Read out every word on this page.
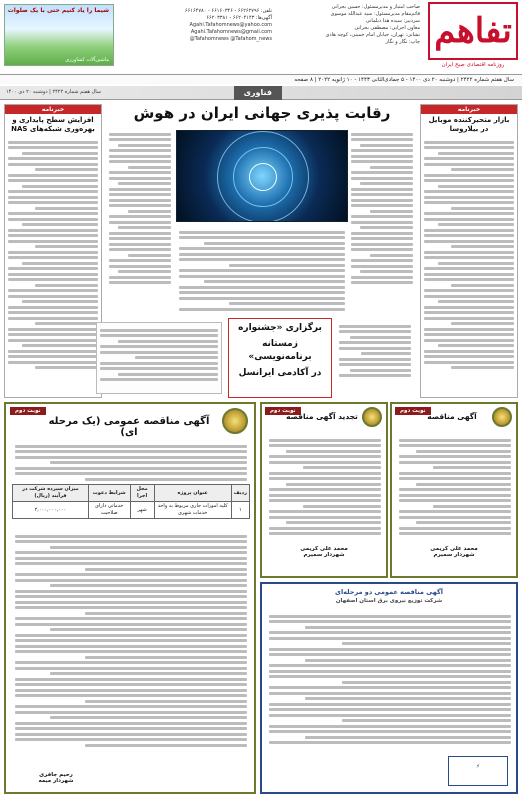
تفاهم
روزنامه اقتصادی صبح ایران
صاحب امتیاز و مدیرمسئول: حسین بحرانی
قائم‌مقام مدیرمسئول: سید عبدالله موسوی
سردبیر: سیده هدا دیلمانی
معاون اجرایی: مصطفی بحرانی
نشانی: تهران، خیابان امام خمینی، کوچه هادی
چاپ: نگار و نگار
تلفن: ۶۶۲۶۲۷۹۶ - ۶۶۱۶۰۳۴۶ - ۶۶۱۶۴۷۸۰
آگهی‌ها: ۶۶۲۰۴۱۴۳ - ۶۶۲۰۳۳۸۱
Agahi.Tafahomnews@yahoo.com
Agahi.Tafahomnews@gmail.com
@Tafahomnews @Tafahom_news
شیما را یاد کنیم حتی با یک صلوات
ماشین‌آلات کشاورزی
سال هفتم شماره ۲۴۲۲ | دوشنبه ۲۰ دی ۱۴۰۰ - ۵ جمادی‌الثانی ۱۴۴۳ - ۱۰ ژانویه ۲۰۲۲ | ۸ صفحه
فناوری
رقابت پذیری جهانی ایران در هوش
سال هفتم شماره ۲۴۲۲ | دوشنبه ۲۰ دی ۱۴۰۰
خبرنامه
بازار متحیرکننده موبایل در بیلاروسا
خبرنامه
افزایش سطح پایداری و بهره‌وری شبکه‌های NAS
برگزاری «جشنواره
زمستانه برنامه‌نویسی»
در آکادمی ایرانسل
نوبت دوم
آگهی مناقصه عمومی (یک مرحله ای)
ردیف	عنوان پروژه	محل اجرا	شرایط دعوت	میزان سپرده شرکت در فرآیند (ریال)
۱	کلیه امورات جاری مربوط به واحد خدمات شهری	شهر	خدماتی دارای صلاحیت	۲,۰۰۰,۰۰۰,۰۰۰
رحیم جافری
شهردار میمه
نوبت دوم
تجدید آگهی مناقصه
محمد علی کریمی
شهردار سمیرم
نوبت دوم
آگهی مناقصه
محمد علی کریمی
شهردار سمیرم
آگهی مناقصه عمومی دو مرحله‌ای
شرکت توزیع نیروی برق استان اصفهان
⚡
